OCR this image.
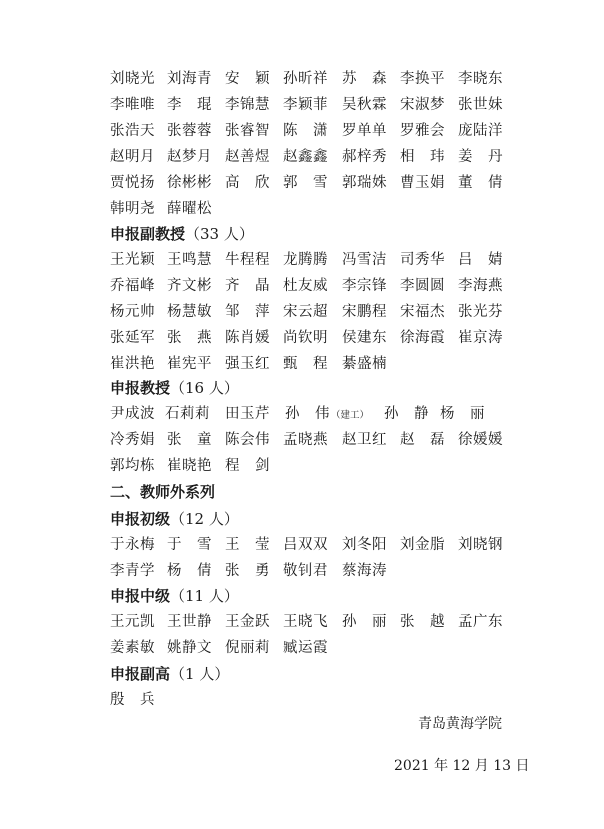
刘晓光 刘海青 安　颖 孙昕祥 苏　森 李换平 李晓东
李唯唯 李　琨 李锦慧 李颖菲 吴秋霖 宋淑梦 张世妹
张浩天 张蓉蓉 张睿智 陈　潇 罗单单 罗雅会 庞陆洋
赵明月 赵梦月 赵善煜 赵鑫鑫 郝梓秀 相　玮 姜　丹
贾悦扬 徐彬彬 高　欣 郭　雪 郭瑞姝 曹玉娟 董　倩
韩明尧 薛曜松
申报副教授（33 人）
王光颖 王鸣慧 牛程程 龙腾腾 冯雪洁 司秀华 吕　婧
乔福峰 齐文彬 齐　晶 杜友威 李宗锋 李圆圆 李海燕
杨元帅 杨慧敏 邹　萍 宋云超 宋鹏程 宋福杰 张光芬
张延军 张　燕 陈肖媛 尚钦明 侯建东 徐海霞 崔京涛
崔洪艳 崔宪平 强玉红 甄　程 綦盛楠
申报教授（16 人）
尹成波 石莉莉 田玉芹 孙　伟（建工） 孙　静 杨　丽
冷秀娟 张　童 陈会伟 孟晓燕 赵卫红 赵　磊 徐媛媛
郭均栋 崔晓艳 程　剑
二、教师外系列
申报初级（12 人）
于永梅 于　雪 王　莹 吕双双 刘冬阳 刘金脂 刘晓钢
李青学 杨　倩 张　勇 敬钊君 蔡海涛
申报中级（11 人）
王元凯 王世静 王金跃 王晓飞 孙　丽 张　越 孟广东
姜素敏 姚静文 倪丽莉 臧运霞
申报副高（1 人）
殷　兵
青岛黄海学院
2021 年 12 月 13 日
